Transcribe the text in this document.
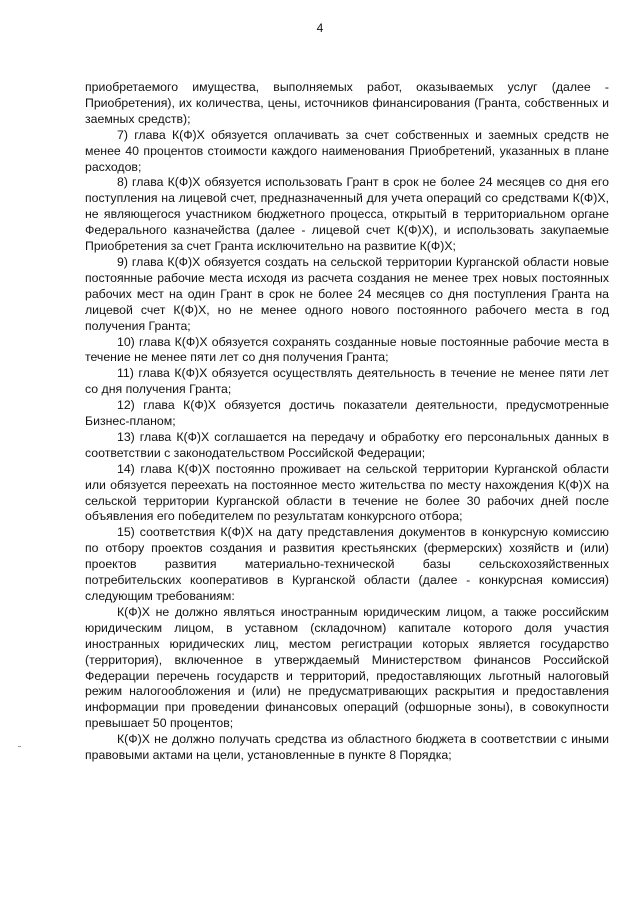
4

приобретаемого имущества, выполняемых работ, оказываемых услуг (далее - Приобретения), их количества, цены, источников финансирования (Гранта, собственных и заемных средств);

7) глава К(Ф)Х обязуется оплачивать за счет собственных и заемных средств не менее 40 процентов стоимости каждого наименования Приобретений, указанных в плане расходов;

8) глава К(Ф)Х обязуется использовать Грант в срок не более 24 месяцев со дня его поступления на лицевой счет, предназначенный для учета операций со средствами К(Ф)Х, не являющегося участником бюджетного процесса, открытый в территориальном органе Федерального казначейства (далее - лицевой счет К(Ф)Х), и использовать закупаемые Приобретения за счет Гранта исключительно на развитие К(Ф)Х;

9) глава К(Ф)Х обязуется создать на сельской территории Курганской области новые постоянные рабочие места исходя из расчета создания не менее трех новых постоянных рабочих мест на один Грант в срок не более 24 месяцев со дня поступления Гранта на лицевой счет К(Ф)Х, но не менее одного нового постоянного рабочего места в год получения Гранта;

10) глава К(Ф)Х обязуется сохранять созданные новые постоянные рабочие места в течение не менее пяти лет со дня получения Гранта;

11) глава К(Ф)Х обязуется осуществлять деятельность в течение не менее пяти лет со дня получения Гранта;

12) глава К(Ф)Х обязуется достичь показатели деятельности, предусмотренные Бизнес-планом;

13) глава К(Ф)Х соглашается на передачу и обработку его персональных данных в соответствии с законодательством Российской Федерации;

14) глава К(Ф)Х постоянно проживает на сельской территории Курганской области или обязуется переехать на постоянное место жительства по месту нахождения К(Ф)Х на сельской территории Курганской области в течение не более 30 рабочих дней после объявления его победителем по результатам конкурсного отбора;

15) соответствия К(Ф)Х на дату представления документов в конкурсную комиссию по отбору проектов создания и развития крестьянских (фермерских) хозяйств и (или) проектов развития материально-технической базы сельскохозяйственных потребительских кооперативов в Курганской области (далее - конкурсная комиссия) следующим требованиям:

К(Ф)Х не должно являться иностранным юридическим лицом, а также российским юридическим лицом, в уставном (складочном) капитале которого доля участия иностранных юридических лиц, местом регистрации которых является государство (территория), включенное в утверждаемый Министерством финансов Российской Федерации перечень государств и территорий, предоставляющих льготный налоговый режим налогообложения и (или) не предусматривающих раскрытия и предоставления информации при проведении финансовых операций (офшорные зоны), в совокупности превышает 50 процентов;

К(Ф)Х не должно получать средства из областного бюджета в соответствии с иными правовыми актами на цели, установленные в пункте 8 Порядка;
